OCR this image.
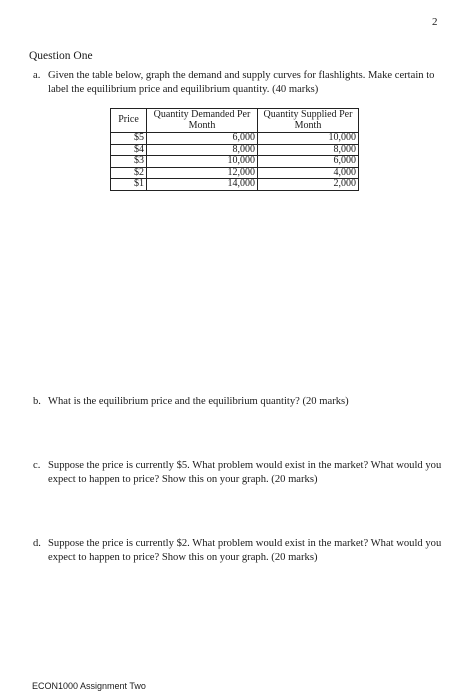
2
Question One
a. Given the table below, graph the demand and supply curves for flashlights. Make certain to label the equilibrium price and equilibrium quantity. (40 marks)
Price	Quantity Demanded Per Month	Quantity Supplied Per Month
$5	6,000	10,000
$4	8,000	8,000
$3	10,000	6,000
$2	12,000	4,000
$1	14,000	2,000
b. What is the equilibrium price and the equilibrium quantity? (20 marks)
c. Suppose the price is currently $5. What problem would exist in the market? What would you expect to happen to price? Show this on your graph. (20 marks)
d. Suppose the price is currently $2. What problem would exist in the market? What would you expect to happen to price? Show this on your graph. (20 marks)
ECON1000 Assignment Two
